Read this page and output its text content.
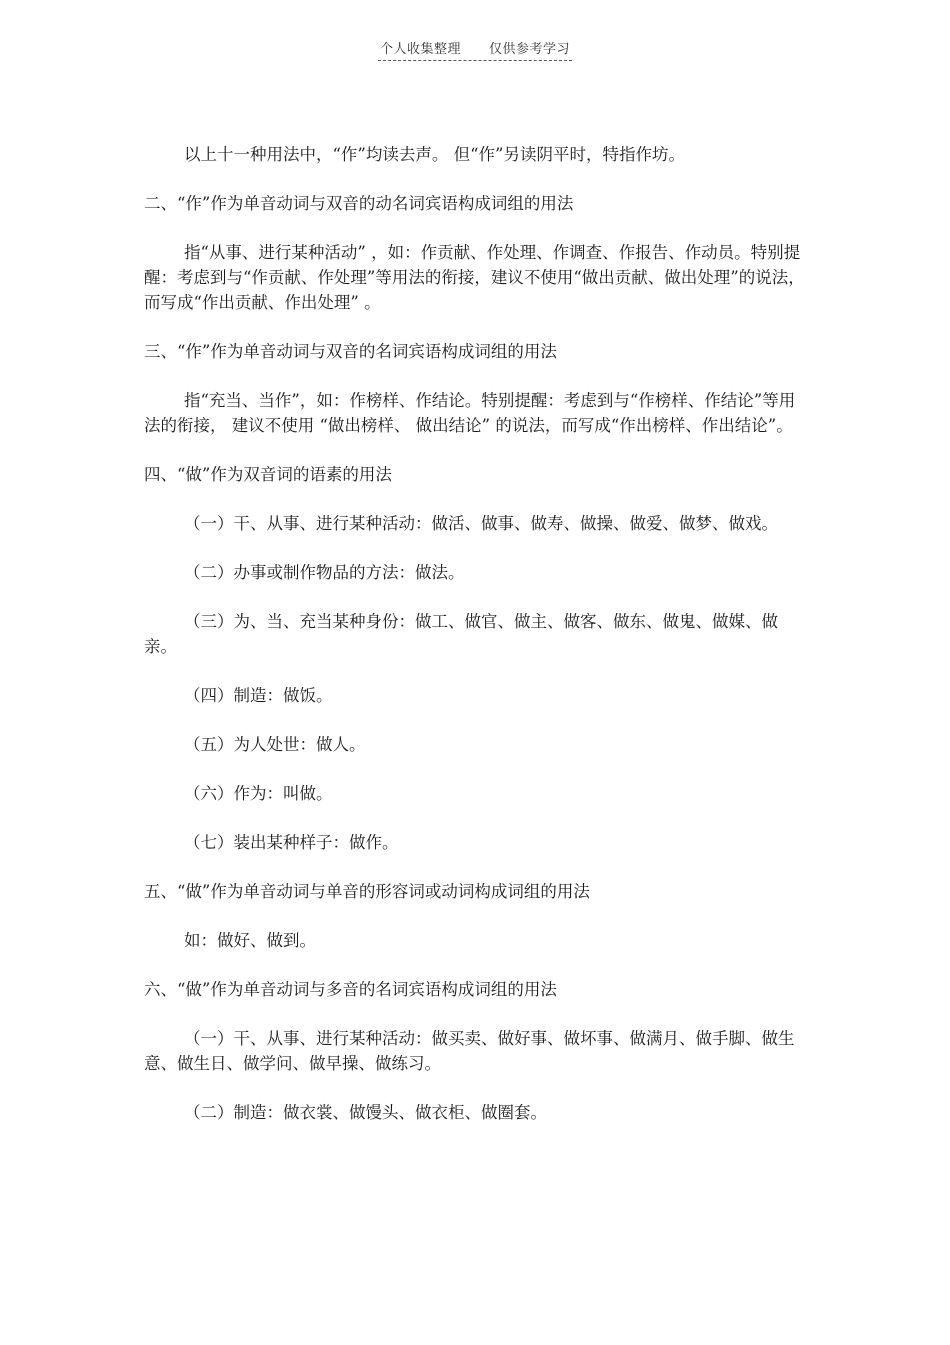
个人收集整理 仅供参考学习

以上十一种用法中，“作”均读去声。 但“作”另读阴平时，特指作坊。

二、“作”作为单音动词与双音的动名词宾语构成词组的用法

指“从事、进行某种活动” ，如：作贡献、作处理、作调查、作报告、作动员。特别提醒：考虑到与“作贡献、作处理”等用法的衔接，建议不使用“做出贡献、做出处理”的说法，而写成“作出贡献、作出处理” 。

三、“作”作为单音动词与双音的名词宾语构成词组的用法

指“充当、当作”，如：作榜样、作结论。特别提醒：考虑到与“作榜样、作结论”等用法的衔接， 建议不使用 “做出榜样、 做出结论” 的说法，而写成“作出榜样、作出结论”。

四、“做”作为双音词的语素的用法

（一）干、从事、进行某种活动：做活、做事、做寿、做操、做爱、做梦、做戏。

（二）办事或制作物品的方法：做法。

（三）为、当、充当某种身份：做工、做官、做主、做客、做东、做鬼、做媒、做亲。

（四）制造：做饭。

（五）为人处世：做人。

（六）作为：叫做。

（七）装出某种样子：做作。

五、“做”作为单音动词与单音的形容词或动词构成词组的用法

如：做好、做到。

六、“做”作为单音动词与多音的名词宾语构成词组的用法

（一）干、从事、进行某种活动：做买卖、做好事、做坏事、做满月、做手脚、做生意、做生日、做学问、做早操、做练习。

（二）制造：做衣裳、做馒头、做衣柜、做圈套。
